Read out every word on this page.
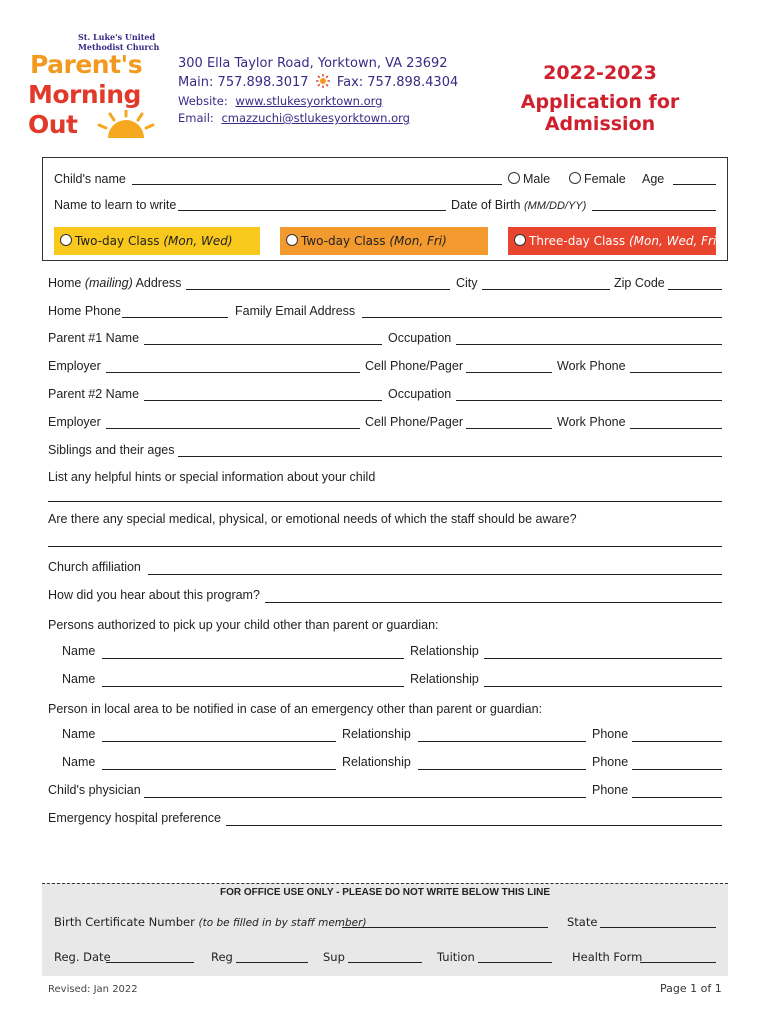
St. Luke's United
Methodist Church
Parent's
Morning
Out
300 Ella Taylor Road, Yorktown, VA 23692
Main: 757.898.3017 Fax: 757.898.4304
Website: www.stlukesyorktown.org
Email: cmazzuchi@stlukesyorktown.org
2022-2023
Application for Admission
Child's name	Male	Female Age
Name to learn to write	Date of Birth (MM/DD/YY)
Two-day Class (Mon, Wed)	Two-day Class (Mon, Fri)	Three-day Class (Mon, Wed, Fri)
Home (mailing) Address	City	Zip Code
Home Phone	Family Email Address
Parent #1 Name	Occupation
Employer	Cell Phone/Pager	Work Phone
Parent #2 Name	Occupation
Employer	Cell Phone/Pager	Work Phone
Siblings and their ages
List any helpful hints or special information about your child
Are there any special medical, physical, or emotional needs of which the staff should be aware?
Church affiliation
How did you hear about this program?
Persons authorized to pick up your child other than parent or guardian:
Name	Relationship
Name	Relationship
Person in local area to be notified in case of an emergency other than parent or guardian:
Name	Relationship	Phone
Name	Relationship	Phone
Child's physician	Phone
Emergency hospital preference
FOR OFFICE USE ONLY - PLEASE DO NOT WRITE BELOW THIS LINE
Birth Certificate Number (to be filled in by staff member)	State
Reg. Date	Reg	Sup	Tuition	Health Form
Revised: Jan 2022	Page 1 of 1
